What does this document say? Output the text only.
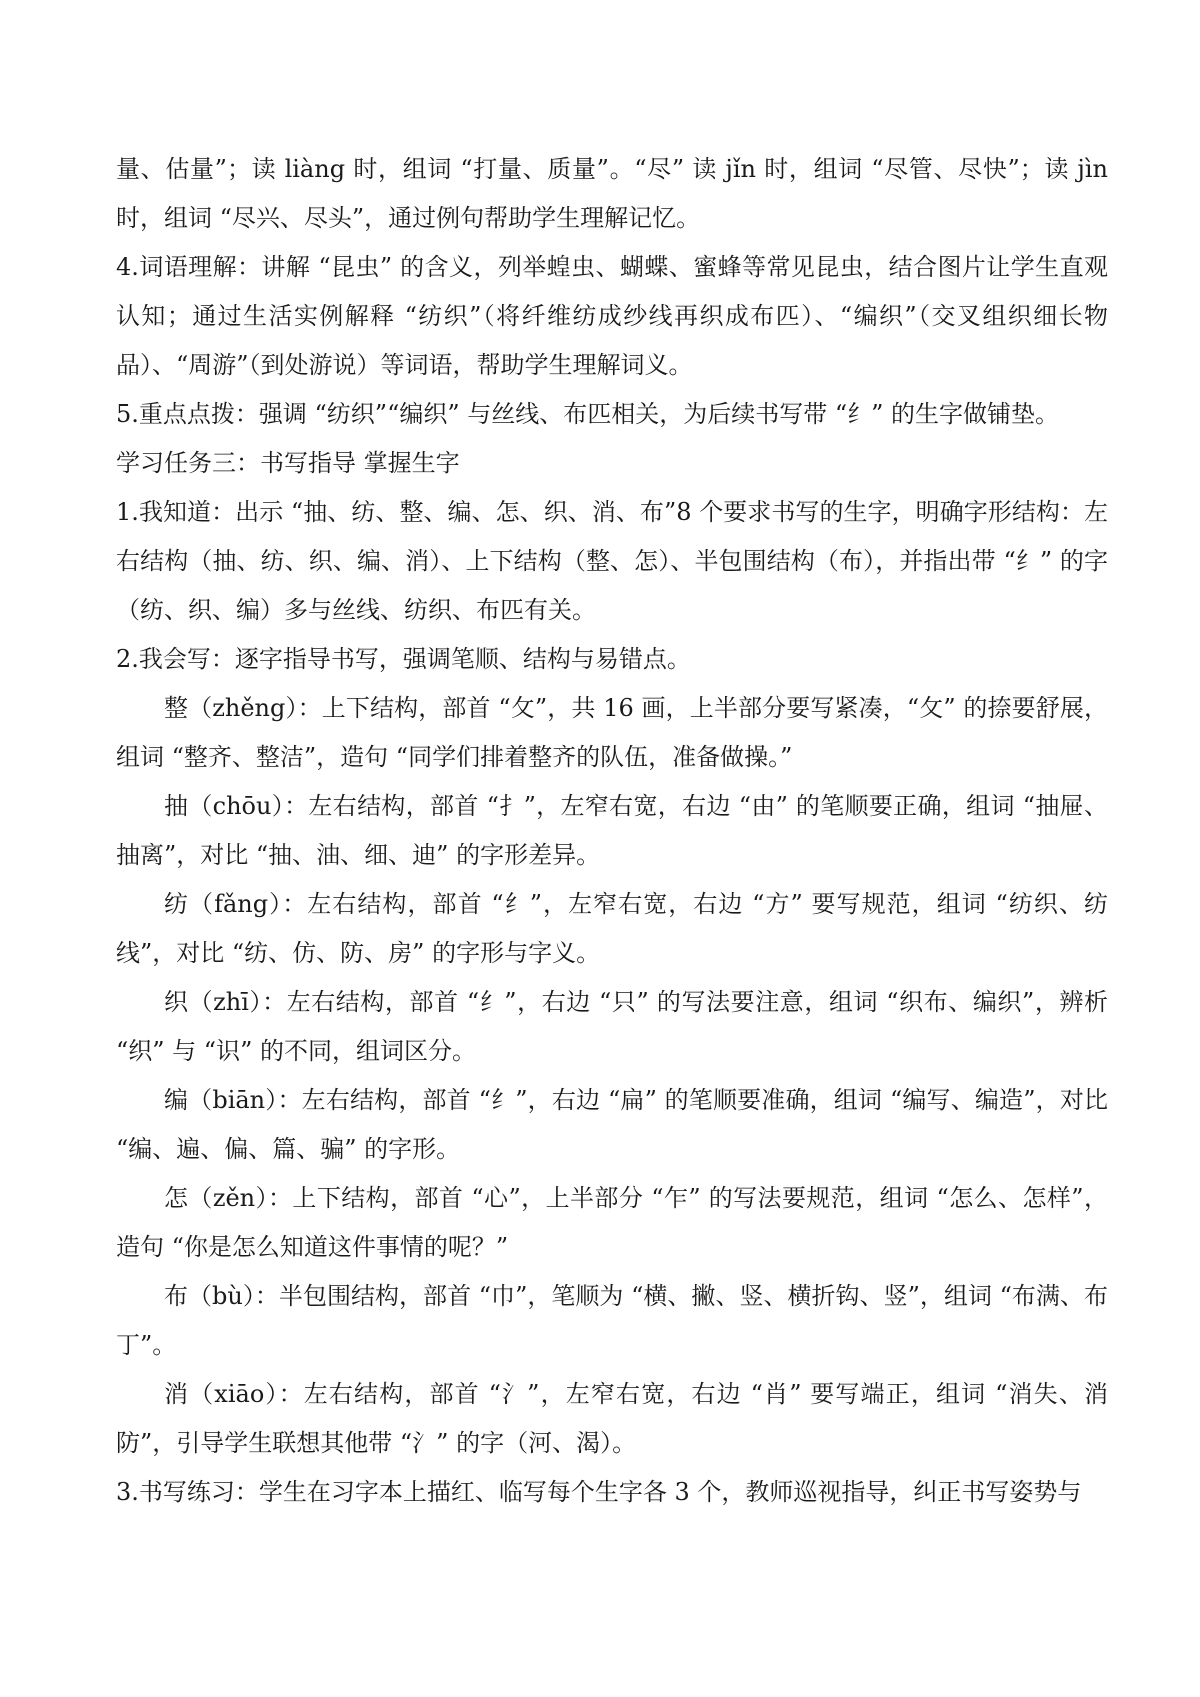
量、估量”；读 liàng 时，组词 “打量、质量”。“尽” 读 jǐn 时，组词 “尽管、尽快”；读 jìn 时，组词 “尽兴、尽头”，通过例句帮助学生理解记忆。

4.词语理解：讲解 “昆虫” 的含义，列举蝗虫、蝴蝶、蜜蜂等常见昆虫，结合图片让学生直观认知；通过生活实例解释 “纺织”（将纤维纺成纱线再织成布匹）、“编织”（交叉组织细长物品）、“周游”（到处游说）等词语，帮助学生理解词义。

5.重点点拨：强调 “纺织”“编织” 与丝线、布匹相关，为后续书写带 “纟” 的生字做铺垫。

学习任务三：书写指导 掌握生字

1.我知道：出示 “抽、纺、整、编、怎、织、消、布”8 个要求书写的生字，明确字形结构：左右结构（抽、纺、织、编、消）、上下结构（整、怎）、半包围结构（布），并指出带 “纟” 的字（纺、织、编）多与丝线、纺织、布匹有关。

2.我会写：逐字指导书写，强调笔顺、结构与易错点。

整（zhěng）：上下结构，部首 “攵”，共 16 画，上半部分要写紧凑，“攵” 的捺要舒展，组词 “整齐、整洁”，造句 “同学们排着整齐的队伍，准备做操。”

抽（chōu）：左右结构，部首 “扌”，左窄右宽，右边 “由” 的笔顺要正确，组词 “抽屉、抽离”，对比 “抽、油、细、迪” 的字形差异。

纺（fǎng）：左右结构，部首 “纟”，左窄右宽，右边 “方” 要写规范，组词 “纺织、纺线”，对比 “纺、仿、防、房” 的字形与字义。

织（zhī）：左右结构，部首 “纟”，右边 “只” 的写法要注意，组词 “织布、编织”，辨析 “织” 与 “识” 的不同，组词区分。

编（biān）：左右结构，部首 “纟”，右边 “扁” 的笔顺要准确，组词 “编写、编造”，对比 “编、遍、偏、篇、骗” 的字形。

怎（zěn）：上下结构，部首 “心”，上半部分 “乍” 的写法要规范，组词 “怎么、怎样”，造句 “你是怎么知道这件事情的呢？”

布（bù）：半包围结构，部首 “巾”，笔顺为 “横、撇、竖、横折钩、竖”，组词 “布满、布丁”。

消（xiāo）：左右结构，部首 “氵”，左窄右宽，右边 “肖” 要写端正，组词 “消失、消防”，引导学生联想其他带 “氵” 的字（河、渴）。

3.书写练习：学生在习字本上描红、临写每个生字各 3 个，教师巡视指导，纠正书写姿势与
